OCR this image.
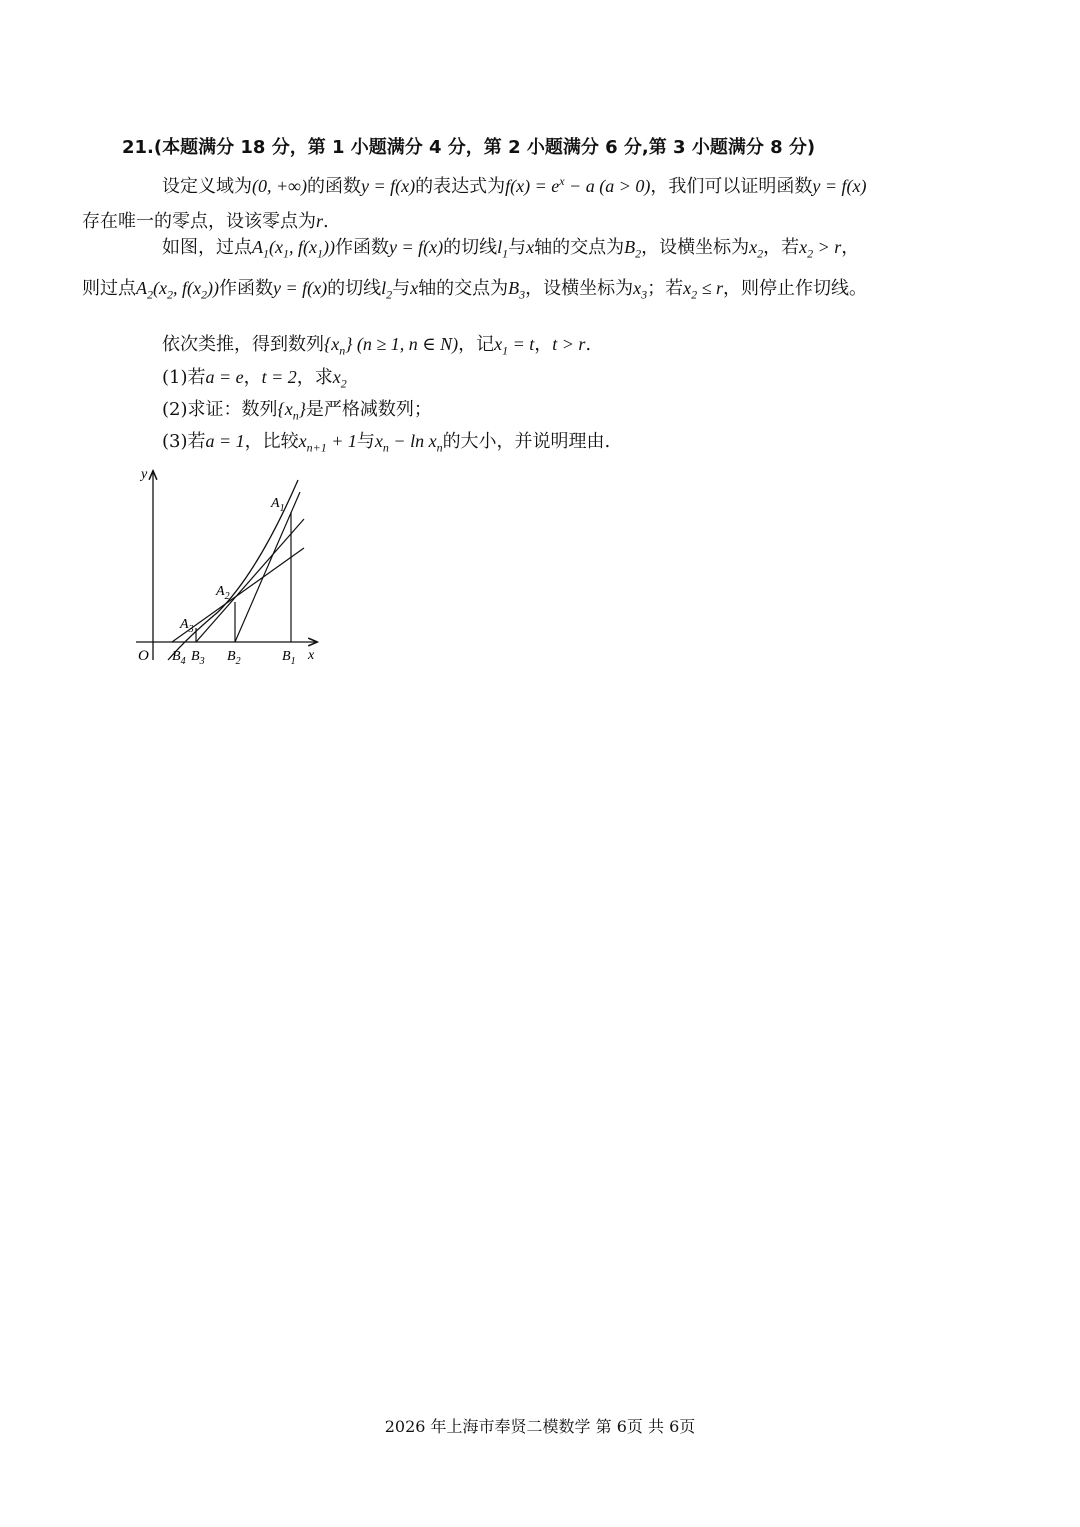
21.(本题满分 18 分，第 1 小题满分 4 分，第 2 小题满分 6 分,第 3 小题满分 8 分)

设定义域为(0, +∞)的函数y = f(x)的表达式为$f(x) = e^x - a$ (a > 0)，我们可以证明函数y = f(x)
存在唯一的零点，设该零点为r.

如图，过点$A_1(x_1$, $f(x_1)$)作函数y = f(x)的切线$l_1$与x轴的交点为$B_2$，设横坐标为$x_2$，若$x_2 > r$，
则过点$A_2(x_2$, $f(x_2)$)作函数y = f(x)的切线$l_2$与x轴的交点为$B_3$，设横坐标为$x_3$；若$x_2 \le r$，则停止作切线。

依次类推，得到数列$\{x_n\} (n \ge 1$, n ∈ N)，记$x_1 = t$，t > r.

(1)若a = e，t = 2，求$x_2$

(2)求证：数列$\{x_n\}$是严格减数列；

(3)若a = 1，比较$x_{n+1} + 1$与$x_n - \ln x_n$的大小，并说明理由.

y
x
O
$A_1$
$A_2$
$A_3$
$B_4$ $B_3$ $B_2$	$B_1$
2026 年上海市奉贤二模数学 第 6页 共 6页
